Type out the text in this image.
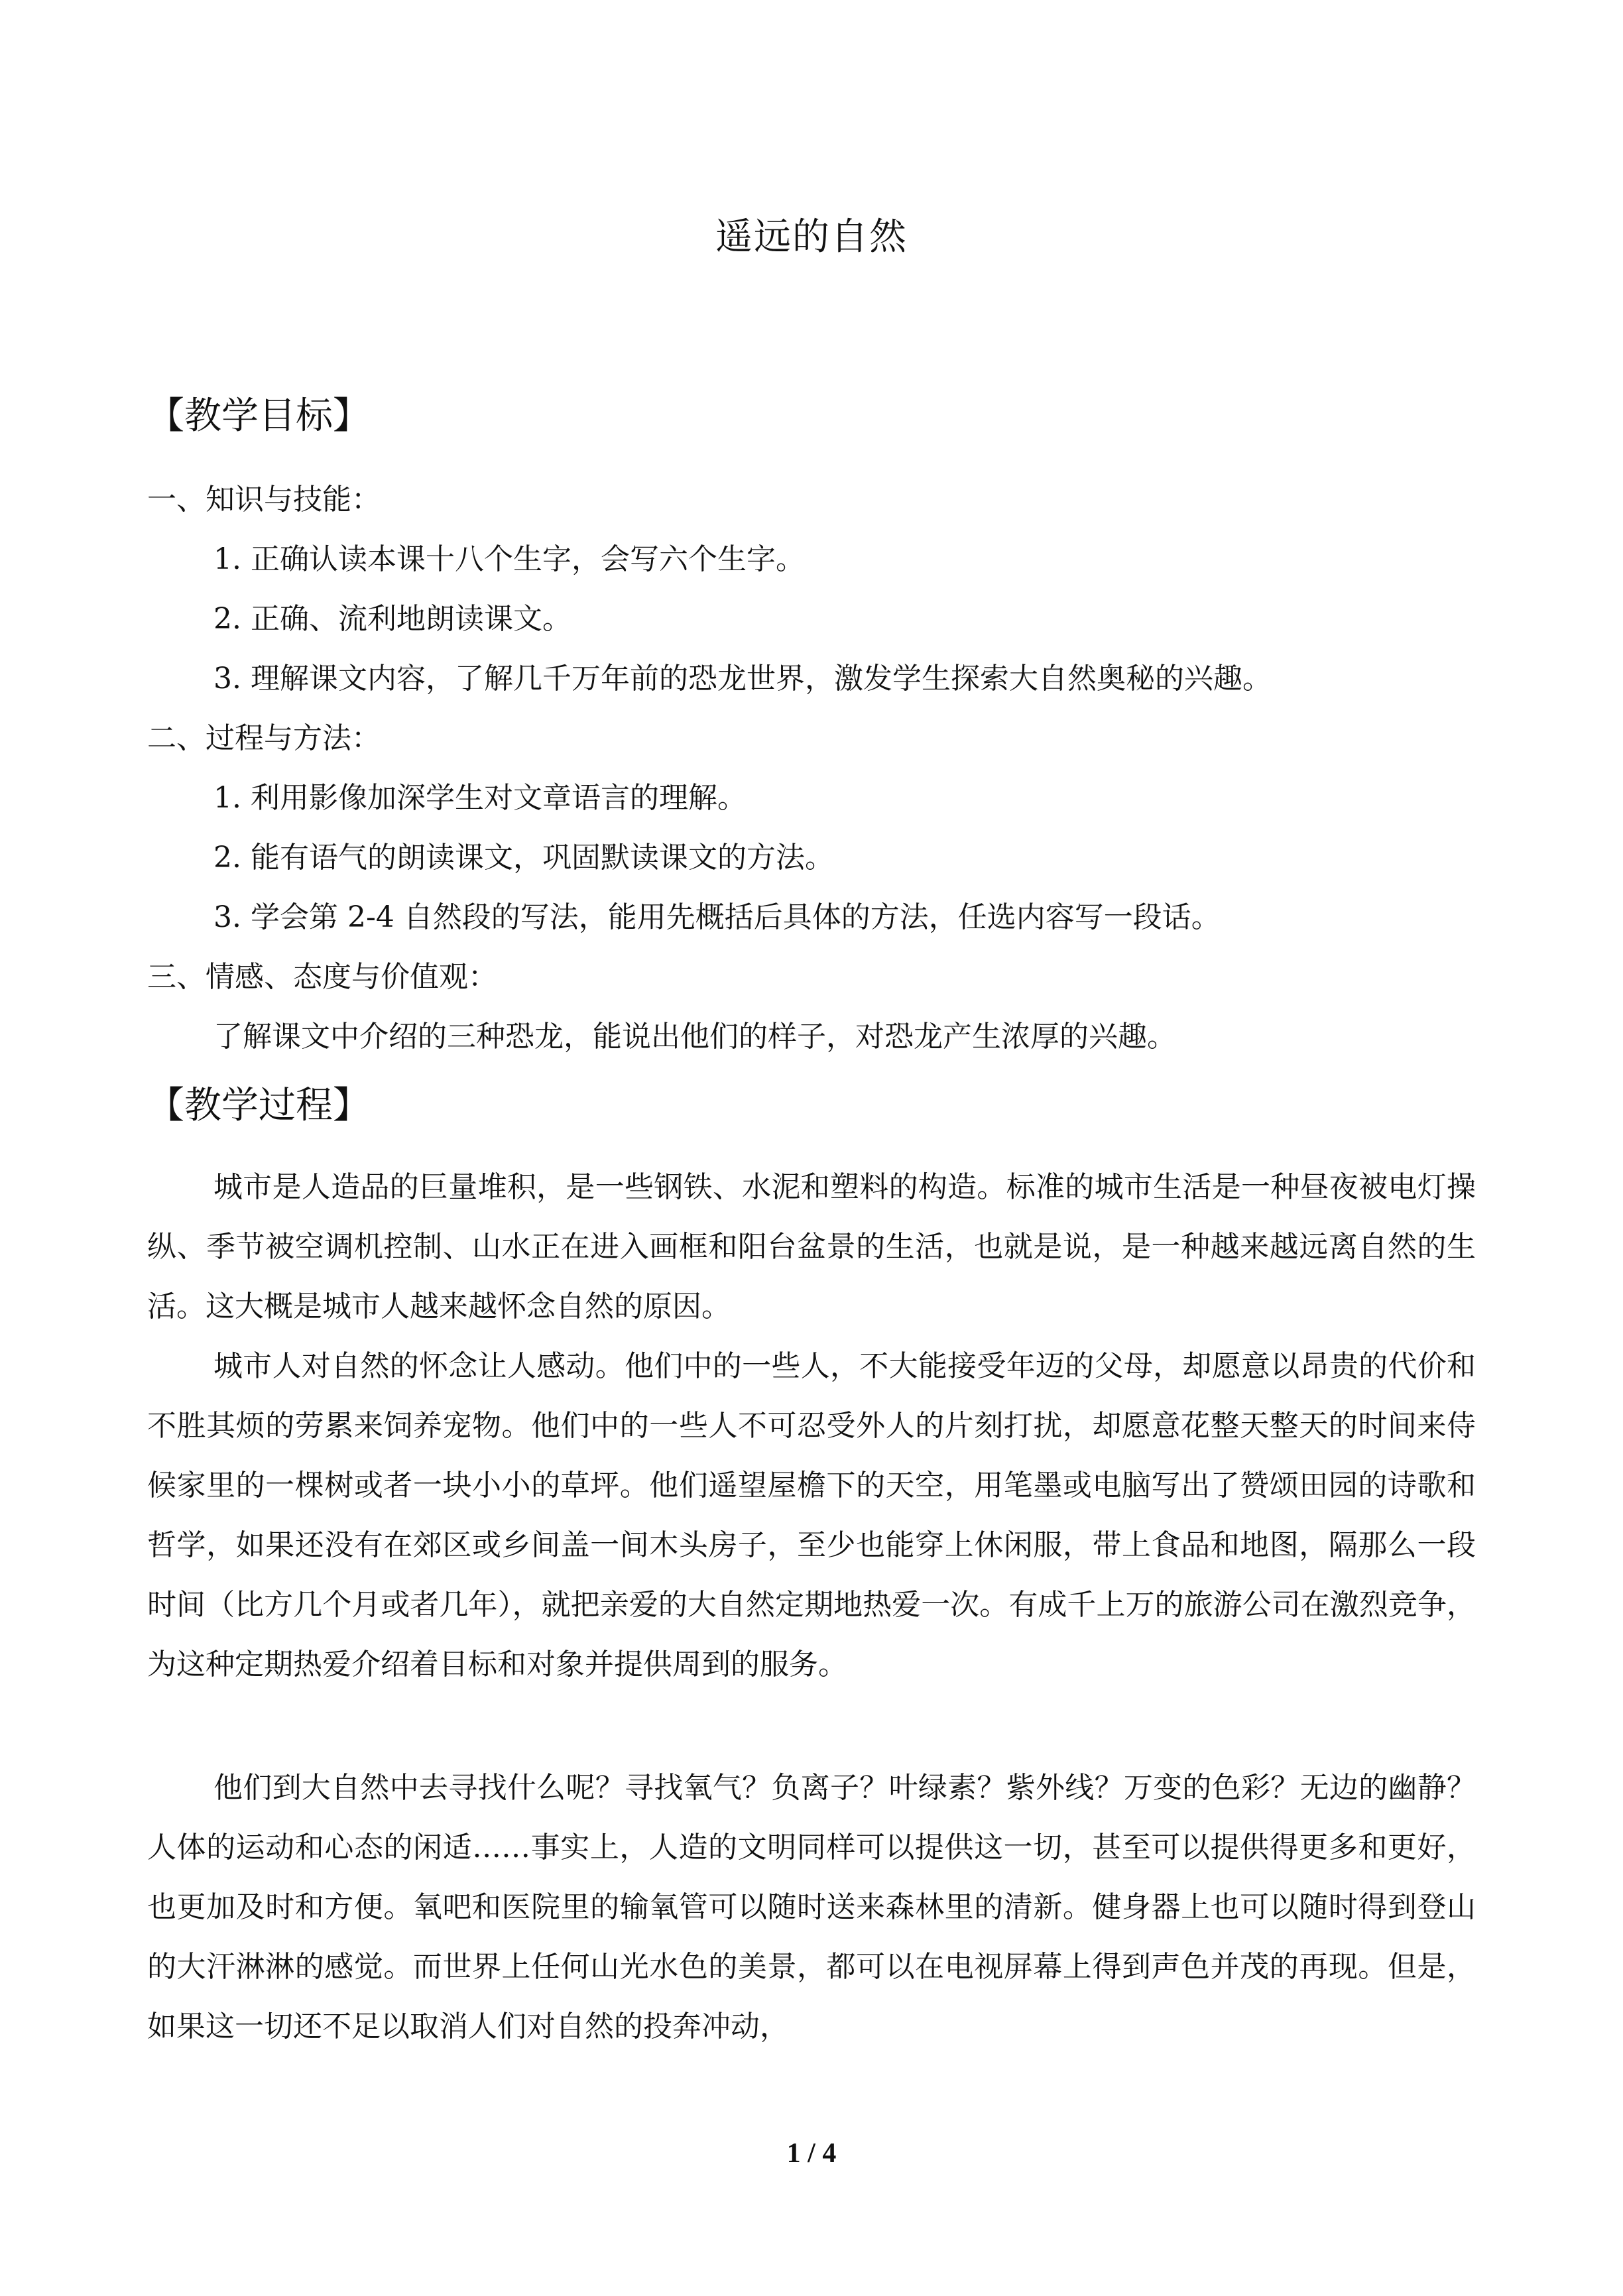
遥远的自然
【教学目标】
一、知识与技能：
1. 正确认读本课十八个生字，会写六个生字。
2. 正确、流利地朗读课文。
3. 理解课文内容，了解几千万年前的恐龙世界，激发学生探索大自然奥秘的兴趣。
二、过程与方法：
1. 利用影像加深学生对文章语言的理解。
2. 能有语气的朗读课文，巩固默读课文的方法。
3. 学会第 2-4 自然段的写法，能用先概括后具体的方法，任选内容写一段话。
三、情感、态度与价值观：
了解课文中介绍的三种恐龙，能说出他们的样子，对恐龙产生浓厚的兴趣。
【教学过程】
城市是人造品的巨量堆积，是一些钢铁、水泥和塑料的构造。标准的城市生活是一种昼夜被电灯操纵、季节被空调机控制、山水正在进入画框和阳台盆景的生活，也就是说，是一种越来越远离自然的生活。这大概是城市人越来越怀念自然的原因。
城市人对自然的怀念让人感动。他们中的一些人，不大能接受年迈的父母，却愿意以昂贵的代价和不胜其烦的劳累来饲养宠物。他们中的一些人不可忍受外人的片刻打扰，却愿意花整天整天的时间来侍候家里的一棵树或者一块小小的草坪。他们遥望屋檐下的天空，用笔墨或电脑写出了赞颂田园的诗歌和哲学，如果还没有在郊区或乡间盖一间木头房子，至少也能穿上休闲服，带上食品和地图，隔那么一段时间（比方几个月或者几年），就把亲爱的大自然定期地热爱一次。有成千上万的旅游公司在激烈竞争，为这种定期热爱介绍着目标和对象并提供周到的服务。
他们到大自然中去寻找什么呢？寻找氧气？负离子？叶绿素？紫外线？万变的色彩？无边的幽静？人体的运动和心态的闲适……事实上，人造的文明同样可以提供这一切，甚至可以提供得更多和更好，也更加及时和方便。氧吧和医院里的输氧管可以随时送来森林里的清新。健身器上也可以随时得到登山的大汗淋淋的感觉。而世界上任何山光水色的美景，都可以在电视屏幕上得到声色并茂的再现。但是，如果这一切还不足以取消人们对自然的投奔冲动，
1 / 4
